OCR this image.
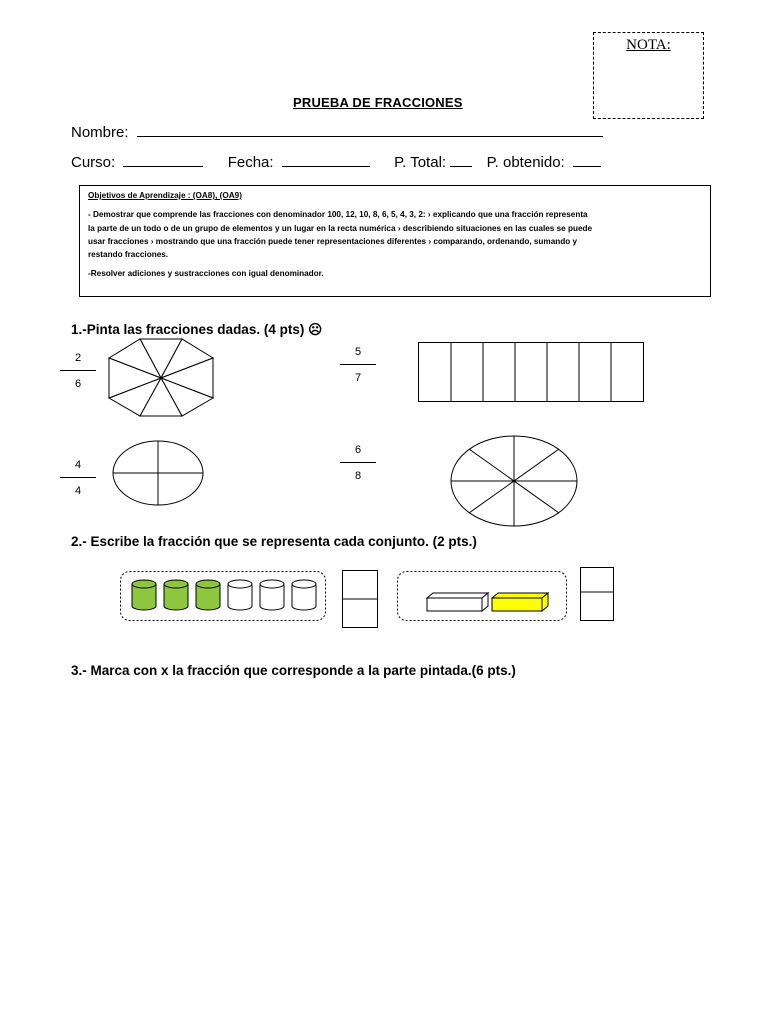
NOTA:
PRUEBA DE FRACCIONES
Nombre:
Curso:	Fecha:	P. Total:	P. obtenido:
Objetivos de Aprendizaje : (OA8), (OA9)
- Demostrar que comprende las fracciones con denominador 100, 12, 10, 8, 6, 5, 4, 3, 2: › explicando que una fracción representa
la parte de un todo o de un grupo de elementos y un lugar en la recta numérica › describiendo situaciones en las cuales se puede
usar fracciones › mostrando que una fracción puede tener representaciones diferentes › comparando, ordenando, sumando y
restando fracciones.
-Resolver adiciones y sustracciones con igual denominador.
1.-Pinta las fracciones dadas. (4 pts) ☹
2
6
5
7
4
4
6
8
2.- Escribe la fracción que se representa cada conjunto. (2 pts.)
3.- Marca con x la fracción que corresponde a la parte pintada.(6 pts.)
